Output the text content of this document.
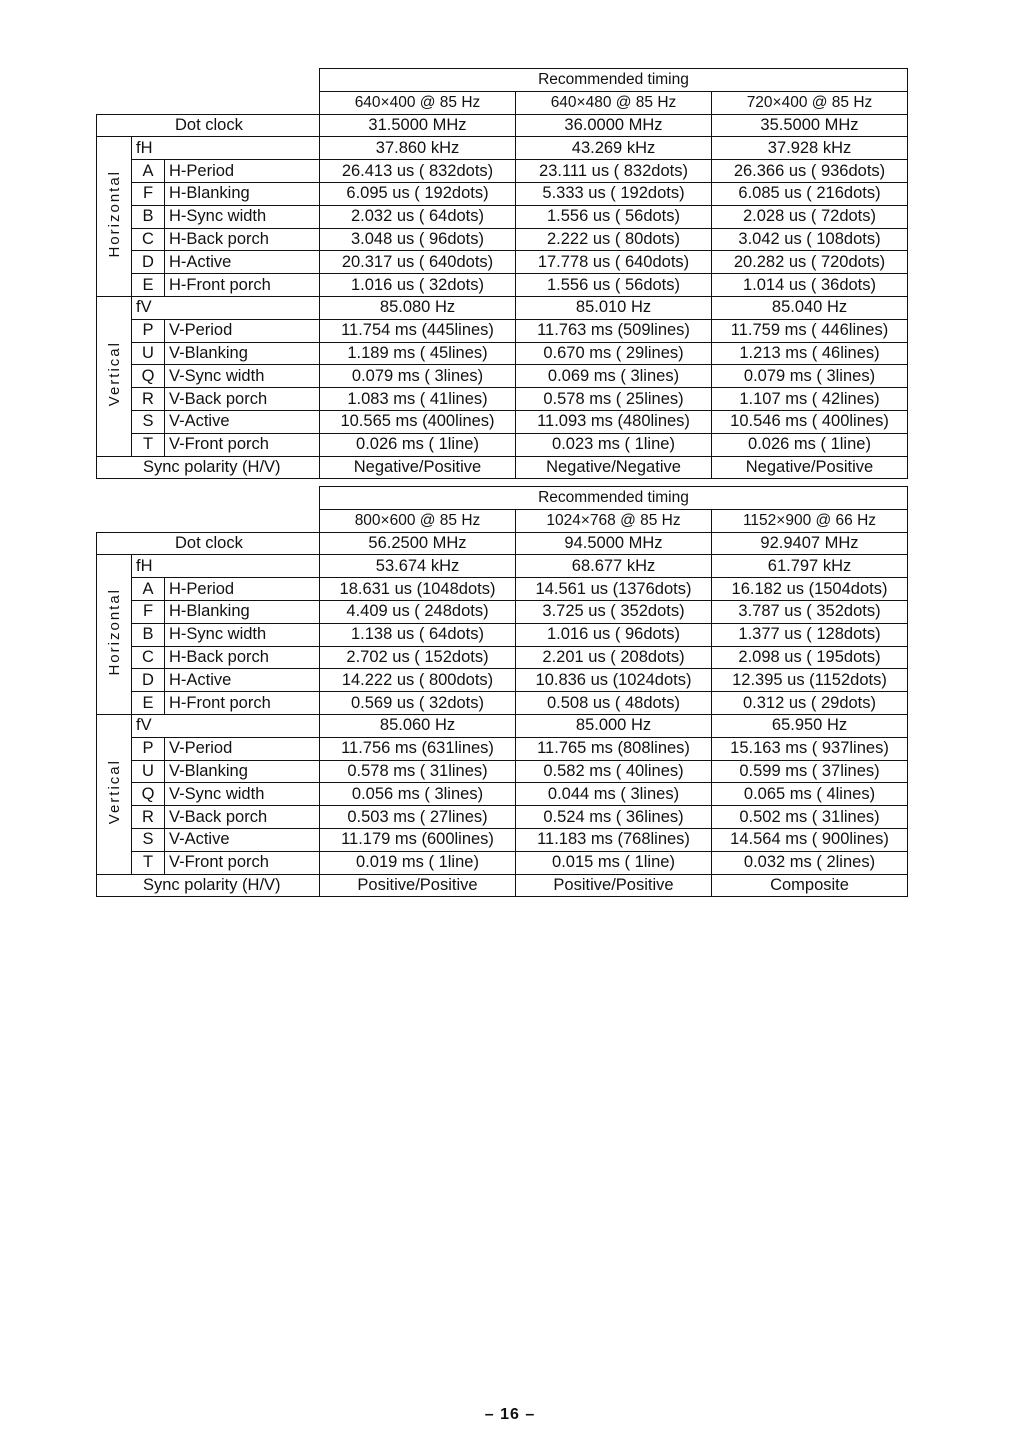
			Recommended timing		
			640×400 @ 85 Hz	640×480 @ 85 Hz	720×400 @ 85 Hz
Dot clock			31.5000 MHz	36.0000 MHz	35.5000 MHz
Horizontal	fH		37.860 kHz	43.269 kHz	37.928 kHz
	A	H-Period	26.413 us ( 832dots)	23.111 us ( 832dots)	26.366 us ( 936dots)
	F	H-Blanking	6.095 us ( 192dots)	5.333 us ( 192dots)	6.085 us ( 216dots)
	B	H-Sync width	2.032 us ( 64dots)	1.556 us ( 56dots)	2.028 us ( 72dots)
	C	H-Back porch	3.048 us ( 96dots)	2.222 us ( 80dots)	3.042 us ( 108dots)
	D	H-Active	20.317 us ( 640dots)	17.778 us ( 640dots)	20.282 us ( 720dots)
	E	H-Front porch	1.016 us ( 32dots)	1.556 us ( 56dots)	1.014 us ( 36dots)
Vertical	fV		85.080 Hz	85.010 Hz	85.040 Hz
	P	V-Period	11.754 ms (445lines)	11.763 ms (509lines)	11.759 ms ( 446lines)
	U	V-Blanking	1.189 ms ( 45lines)	0.670 ms ( 29lines)	1.213 ms ( 46lines)
	Q	V-Sync width	0.079 ms ( 3lines)	0.069 ms ( 3lines)	0.079 ms ( 3lines)
	R	V-Back porch	1.083 ms ( 41lines)	0.578 ms ( 25lines)	1.107 ms ( 42lines)
	S	V-Active	10.565 ms (400lines)	11.093 ms (480lines)	10.546 ms ( 400lines)
	T	V-Front porch	0.026 ms ( 1line)	0.023 ms ( 1line)	0.026 ms ( 1line)
Sync polarity (H/V)			Negative/Positive	Negative/Negative	Negative/Positive
			Recommended timing		
			800×600 @ 85 Hz	1024×768 @ 85 Hz	1152×900 @ 66 Hz
Dot clock			56.2500 MHz	94.5000 MHz	92.9407 MHz
Horizontal	fH		53.674 kHz	68.677 kHz	61.797 kHz
	A	H-Period	18.631 us (1048dots)	14.561 us (1376dots)	16.182 us (1504dots)
	F	H-Blanking	4.409 us ( 248dots)	3.725 us ( 352dots)	3.787 us ( 352dots)
	B	H-Sync width	1.138 us ( 64dots)	1.016 us ( 96dots)	1.377 us ( 128dots)
	C	H-Back porch	2.702 us ( 152dots)	2.201 us ( 208dots)	2.098 us ( 195dots)
	D	H-Active	14.222 us ( 800dots)	10.836 us (1024dots)	12.395 us (1152dots)
	E	H-Front porch	0.569 us ( 32dots)	0.508 us ( 48dots)	0.312 us ( 29dots)
Vertical	fV		85.060 Hz	85.000 Hz	65.950 Hz
	P	V-Period	11.756 ms (631lines)	11.765 ms (808lines)	15.163 ms ( 937lines)
	U	V-Blanking	0.578 ms ( 31lines)	0.582 ms ( 40lines)	0.599 ms ( 37lines)
	Q	V-Sync width	0.056 ms ( 3lines)	0.044 ms ( 3lines)	0.065 ms ( 4lines)
	R	V-Back porch	0.503 ms ( 27lines)	0.524 ms ( 36lines)	0.502 ms ( 31lines)
	S	V-Active	11.179 ms (600lines)	11.183 ms (768lines)	14.564 ms ( 900lines)
	T	V-Front porch	0.019 ms ( 1line)	0.015 ms ( 1line)	0.032 ms ( 2lines)
Sync polarity (H/V)			Positive/Positive	Positive/Positive	Composite
– 16 –
